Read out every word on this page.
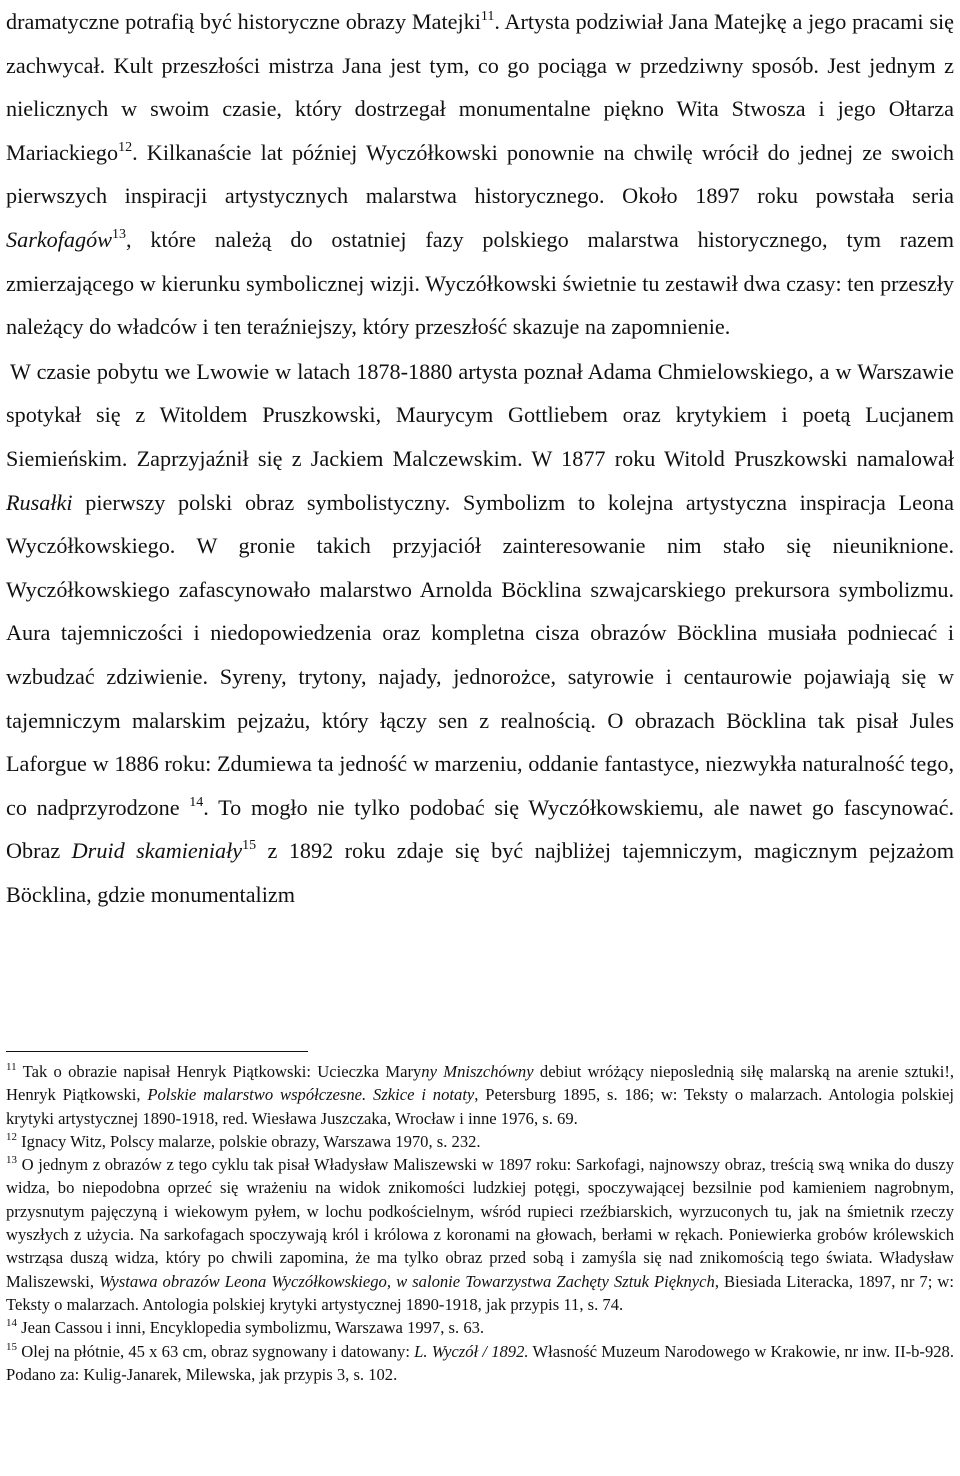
dramatyczne potrafią być historyczne obrazy Matejki$^{11}$. Artysta podziwiał Jana Matejkę a jego pracami się zachwycał. Kult przeszłości mistrza Jana jest tym, co go pociąga w przedziwny sposób. Jest jednym z nielicznych w swoim czasie, który dostrzegał monumentalne piękno Wita Stwosza i jego Ołtarza Mariackiego$^{12}$. Kilkanaście lat później Wyczółkowski ponownie na chwilę wrócił do jednej ze swoich pierwszych inspiracji artystycznych malarstwa historycznego. Około 1897 roku powstała seria Sarkofagów$^{13}$, które należą do ostatniej fazy polskiego malarstwa historycznego, tym razem zmierzającego w kierunku symbolicznej wizji. Wyczółkowski świetnie tu zestawił dwa czasy: ten przeszły należący do władców i ten teraźniejszy, który przeszłość skazuje na zapomnienie.

W czasie pobytu we Lwowie w latach 1878-1880 artysta poznał Adama Chmielowskiego, a w Warszawie spotykał się z Witoldem Pruszkowski, Maurycym Gottliebem oraz krytykiem i poetą Lucjanem Siemieńskim. Zaprzyjaźnił się z Jackiem Malczewskim. W 1877 roku Witold Pruszkowski namalował Rusałki pierwszy polski obraz symbolistyczny. Symbolizm to kolejna artystyczna inspiracja Leona Wyczółkowskiego. W gronie takich przyjaciół zainteresowanie nim stało się nieuniknione. Wyczółkowskiego zafascynowało malarstwo Arnolda Böcklina szwajcarskiego prekursora symbolizmu. Aura tajemniczości i niedopowiedzenia oraz kompletna cisza obrazów Böcklina musiała podniecać i wzbudzać zdziwienie. Syreny, trytony, najady, jednorożce, satyrowie i centaurowie pojawiają się w tajemniczym malarskim pejzażu, który łączy sen z realnością. O obrazach Böcklina tak pisał Jules Laforgue w 1886 roku: Zdumiewa ta jedność w marzeniu, oddanie fantastyce, niezwykła naturalność tego, co nadprzyrodzone $^{14}$. To mogło nie tylko podobać się Wyczółkowskiemu, ale nawet go fascynować. Obraz Druid skamieniały$^{15}$ z 1892 roku zdaje się być najbliżej tajemniczym, magicznym pejzażom Böcklina, gdzie monumentalizm

$^{11}$ Tak o obrazie napisał Henryk Piątkowski: Ucieczka Maryny Mniszchówny debiut wróżący nieposlednią siłę malarską na arenie sztuki!, Henryk Piątkowski, Polskie malarstwo współczesne. Szkice i notaty, Petersburg 1895, s. 186; w: Teksty o malarzach. Antologia polskiej krytyki artystycznej 1890-1918, red. Wiesława Juszczaka, Wrocław i inne 1976, s. 69.

$^{12}$ Ignacy Witz, Polscy malarze, polskie obrazy, Warszawa 1970, s. 232.

$^{13}$ O jednym z obrazów z tego cyklu tak pisał Władysław Maliszewski w 1897 roku: Sarkofagi, najnowszy obraz, treścią swą wnika do duszy widza, bo niepodobna oprzeć się wrażeniu na widok znikomości ludzkiej potęgi, spoczywającej bezsilnie pod kamieniem nagrobnym, przysnutym pajęczyną i wiekowym pyłem, w lochu podkościelnym, wśród rupieci rzeźbiarskich, wyrzuconych tu, jak na śmietnik rzeczy wyszłych z użycia. Na sarkofagach spoczywają król i królowa z koronami na głowach, berłami w rękach. Poniewierka grobów królewskich wstrząsa duszą widza, który po chwili zapomina, że ma tylko obraz przed sobą i zamyśla się nad znikomością tego świata. Władysław Maliszewski, Wystawa obrazów Leona Wyczółkowskiego, w salonie Towarzystwa Zachęty Sztuk Pięknych, Biesiada Literacka, 1897, nr 7; w: Teksty o malarzach. Antologia polskiej krytyki artystycznej 1890-1918, jak przypis 11, s. 74.

$^{14}$ Jean Cassou i inni, Encyklopedia symbolizmu, Warszawa 1997, s. 63.

$^{15}$ Olej na płótnie, 45 x 63 cm, obraz sygnowany i datowany: L. Wyczół / 1892. Własność Muzeum Narodowego w Krakowie, nr inw. II-b-928. Podano za: Kulig-Janarek, Milewska, jak przypis 3, s. 102.
